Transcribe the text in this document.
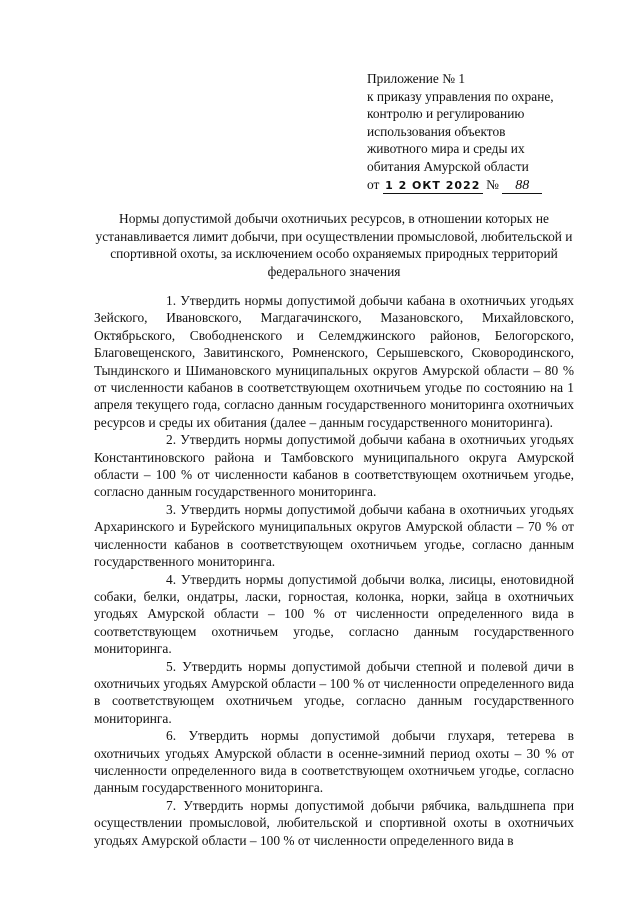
Приложение № 1
к приказу управления по охране,
контролю и регулированию
использования объектов
животного мира и среды их
обитания Амурской области
от 1 2 ОКТ 2022 № 88
Нормы допустимой добычи охотничьих ресурсов, в отношении которых не устанавливается лимит добычи, при осуществлении промысловой, любительской и спортивной охоты, за исключением особо охраняемых природных территорий федерального значения

1. Утвердить нормы допустимой добычи кабана в охотничьих угодьях Зейского, Ивановского, Магдагачинского, Мазановского, Михайловского, Октябрьского, Свободненского и Селемджинского районов, Белогорского, Благовещенского, Завитинского, Ромненского, Серышевского, Сковородинского, Тындинского и Шимановского муниципальных округов Амурской области – 80 % от численности кабанов в соответствующем охотничьем угодье по состоянию на 1 апреля текущего года, согласно данным государственного мониторинга охотничьих ресурсов и среды их обитания (далее – данным государственного мониторинга).

2. Утвердить нормы допустимой добычи кабана в охотничьих угодьях Константиновского района и Тамбовского муниципального округа Амурской области – 100 % от численности кабанов в соответствующем охотничьем угодье, согласно данным государственного мониторинга.

3. Утвердить нормы допустимой добычи кабана в охотничьих угодьях Архаринского и Бурейского муниципальных округов Амурской области – 70 % от численности кабанов в соответствующем охотничьем угодье, согласно данным государственного мониторинга.

4. Утвердить нормы допустимой добычи волка, лисицы, енотовидной собаки, белки, ондатры, ласки, горностая, колонка, норки, зайца в охотничьих угодьях Амурской области – 100 % от численности определенного вида в соответствующем охотничьем угодье, согласно данным государственного мониторинга.

5. Утвердить нормы допустимой добычи степной и полевой дичи в охотничьих угодьях Амурской области – 100 % от численности определенного вида в соответствующем охотничьем угодье, согласно данным государственного мониторинга.

6. Утвердить нормы допустимой добычи глухаря, тетерева в охотничьих угодьях Амурской области в осенне-зимний период охоты – 30 % от численности определенного вида в соответствующем охотничьем угодье, согласно данным государственного мониторинга.

7. Утвердить нормы допустимой добычи рябчика, вальдшнепа при осуществлении промысловой, любительской и спортивной охоты в охотничьих угодьях Амурской области – 100 % от численности определенного вида в
